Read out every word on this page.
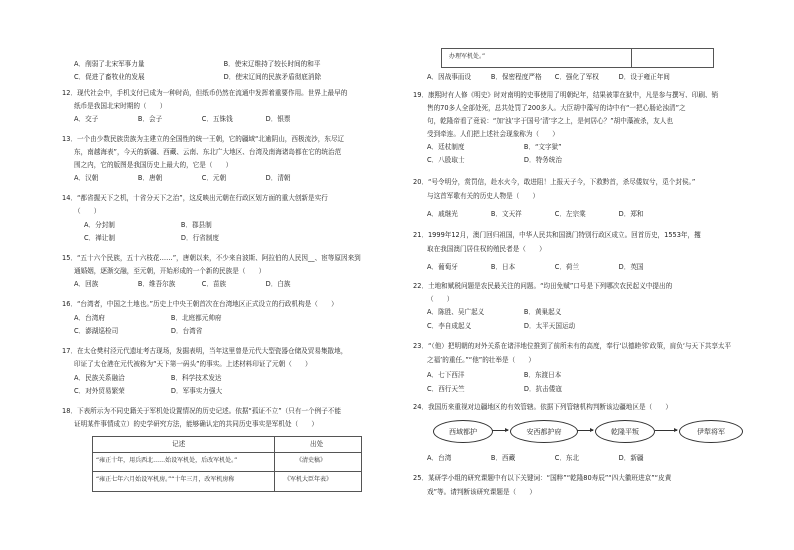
A．削弱了北宋军事力量　　　　　　　　　　　　B．使宋辽维持了较长时间的和平
C．促进了畜牧业的发展　　　　　　　　　　　　D．使宋辽间的民族矛盾彻底消除
12．现代社会中，手机支付已成为一种时尚，但纸币仍然在流通中发挥着重要作用。世界上最早的
纸币是我国北宋时期的（　　）
A．交子　　　　　　B．会子　　　　　　C．五铢钱　　　　　D．银票
13．一个由少数民族贵族为主建立的全国性的统一王朝，它的疆域“北逾阴山，西极流沙，东尽辽
东，南越海表”，今天的新疆、西藏、云南、东北广大地区、台湾及南海诸岛都在它的统治范
围之内，它的版图是我国历史上最大的，它是（　　）
A．汉朝　　　　　　B．唐朝　　　　　　C．元朝　　　　　　D．清朝
14．“都省握天下之机，十省分天下之治”，这反映出元朝在行政区划方面的重大创新是实行
（　　）
A．分封制　　　　　　　　　　B．郡县制
C．禅让制　　　　　　　　　　D．行省制度
15．“五十六个民族，五十六枝花……”，唐朝以来，不少来自波斯、阿拉伯的人民因__、宦等原因来到
通婚姻，逐渐交融，至元朝，开始形成的一个新的民族是（　　）
A．回族　　　　　　B．维吾尔族　　　　C．苗族　　　　　　D．白族
16．“台湾者，中国之土地也。”历史上中央王朝首次在台湾地区正式设立的行政机构是（　　）
A．台湾府　　　　　　　　　　B．北庭都元帅府
C．澎湖巡检司　　　　　　　　D．台湾省
17．在太仓樊村泾元代遗址考古现场，发掘表明，当年这里曾是元代大型瓷器仓储及贸易集散地，
印证了太仓港在元代被称为“天下第一码头”的事实。上述材料印证了元朝（　　）
A．民族关系融洽　　　　　　　B．科学技术发达
C．对外贸易繁荣　　　　　　　D．军事实力强大
18．下表所示为不同史籍关于军机处设置情况的历史记述。依据“孤证不立”（只有一个例子不能
证明某件事情成立）的史学研究方法，能够确认定的共同历史事实是军机处（　　）
记述	出处
“雍正十年，用兵西北……始设军机处，后改军机处。”	《清史稿》
“雍正七年六月始设军机房。”“十年三月，改军机房称	《军机大臣年表》
办理军机处。”
A．因战事而设　　　B．保密程度严格　　C．强化了军权　　　D．设于雍正年间
19．康熙时有人修《明史》时对南明的史事使用了明朝纪年，结果被罪在狱中，凡是参与撰写、印刷、销
售的70多人全部处死，总共处罚了200多人。大臣胡中藻写的诗中有“一把心肠论浊清”之
句，乾隆帝看了竟说：“加‘浊’字于国号‘清’字之上，是何居心？”胡中藻被杀，友人也
受到牵连。人们把上述社会现象称为（　　）
A．廷杖制度　　　　　　　　　B．“文字狱”
C．八股取士　　　　　　　　　D．特务统治
20．“号令明分，赏罚信，赴水火今，敢进阻！上报天子今，下救黔首，杀尽倭奴兮，觅个封侯。”
与这首军歌有关的历史人物是（　　）
A．戚继光　　　　　B．文天祥　　　　　C．左宗棠　　　　　D．郑和
21．1999年12月，澳门回归祖国，中华人民共和国澳门特别行政区成立。回首历史，1553年，攫
取在我国澳门居住权的殖民者是（　　）
A．葡萄牙　　　　　B．日本　　　　　　C．荷兰　　　　　　D．英国
22．土地和赋税问题是农民最关注的问题。“均田免赋”口号是下列哪次农民起义中提出的
（　　）
A．陈胜、吴广起义　　　　　　B．黄巢起义
C．李自成起义　　　　　　　　D．太平天国运动
23．“（他）把明朝的对外关系在诸洋地位推到了前所未有的高度，奉行‘以德睦邻’政策，肩负‘与天下共享太平
之福’的重任。”“他”的壮举是（　　）
A．七下西洋　　　　　　　　　B．东渡日本
C．西行天竺　　　　　　　　　D．抗击倭寇
24．我国历来重视对边疆地区的有效管辖。依据下列管辖机构判断该边疆地区是（　　）
西域都护	安西都护府	乾隆平叛	伊犁将军
A．台湾　　　　　　B．西藏　　　　　　C．东北　　　　　　D．新疆
25．某研学小组的研究课题中有以下关键词：“国粹”“乾隆80寿辰”“四大徽班进京”“皮黄
戏”等。请判断该研究课题是（　　）
